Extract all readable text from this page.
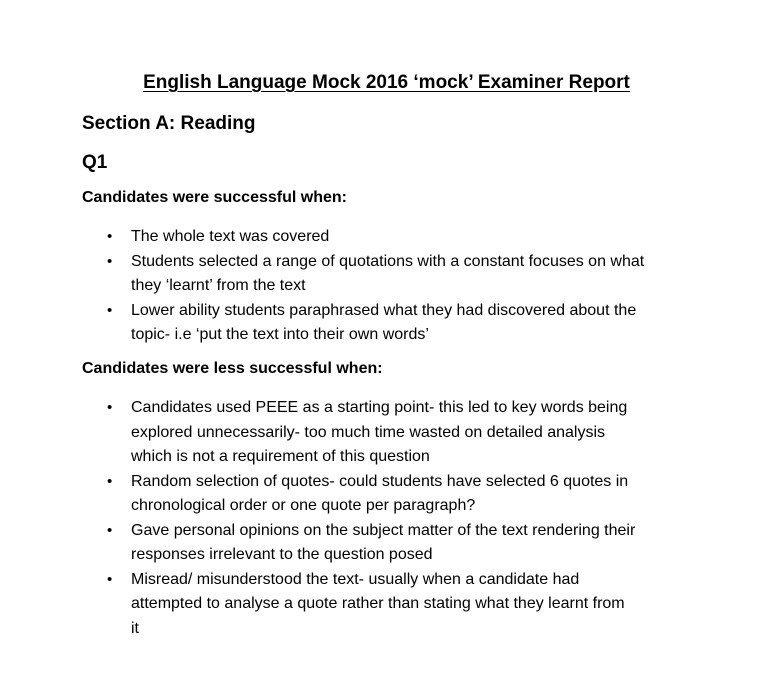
English Language Mock 2016 ‘mock’ Examiner Report
Section A: Reading
Q1
Candidates were successful when:
• The whole text was covered
• Students selected a range of quotations with a constant focuses on what
they ‘learnt’ from the text
• Lower ability students paraphrased what they had discovered about the
topic- i.e ‘put the text into their own words’
Candidates were less successful when:
• Candidates used PEEE as a starting point- this led to key words being
explored unnecessarily- too much time wasted on detailed analysis
which is not a requirement of this question
• Random selection of quotes- could students have selected 6 quotes in
chronological order or one quote per paragraph?
• Gave personal opinions on the subject matter of the text rendering their
responses irrelevant to the question posed
• Misread/ misunderstood the text- usually when a candidate had
attempted to analyse a quote rather than stating what they learnt from
it
